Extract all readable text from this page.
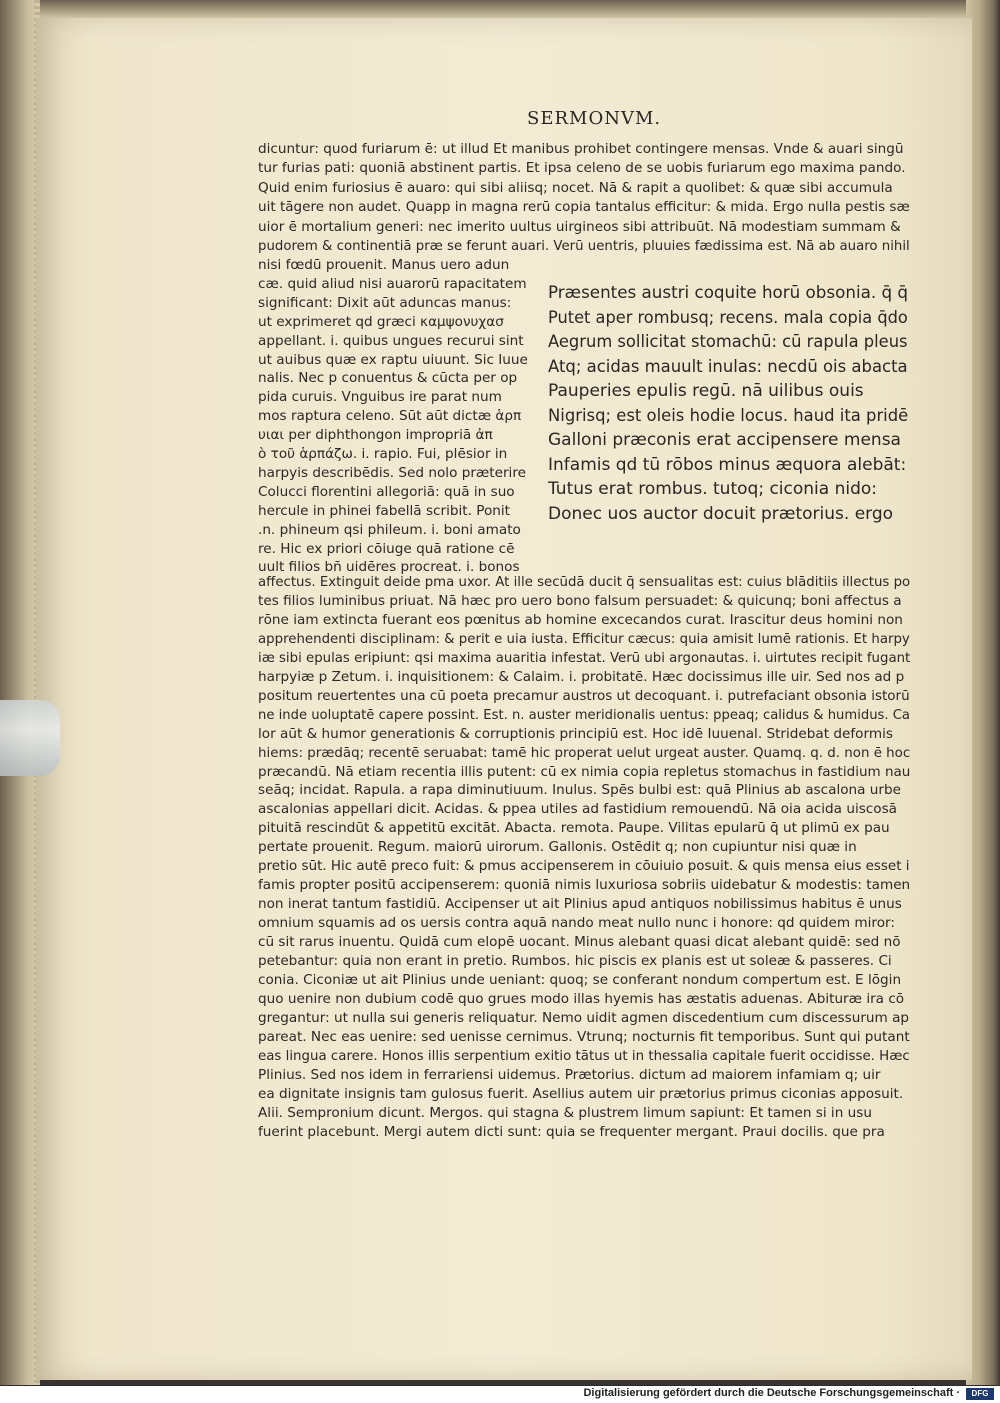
SERMONVM.
dicuntur: quod furiarum ē: ut illud Et manibus prohibet contingere mensas. Vnde & auari singū
tur furias pati: quoniā abstinent partis. Et ipsa celeno de se uobis furiarum ego maxima pando.
Quid enim furiosius ē auaro: qui sibi aliisq; nocet. Nā & rapit a quolibet: & quæ sibi accumula
uit tāgere non audet. Quapp in magna rerū copia tantalus efficitur: & mida. Ergo nulla pestis sæ
uior ē mortalium generi: nec imerito uultus uirgineos sibi attribuūt. Nā modestiam summam &
pudorem & continentiā præ se ferunt auari. Verū uentris, pluuies fædissima est. Nā ab auaro nihil
nisi fœdū prouenit. Manus uero adun
cæ. quid aliud nisi auarorū rapacitatem
significant: Dixit aūt aduncas manus:
ut exprimeret qd græci καμψονυχασ
appellant. i. quibus ungues recurui sint
ut auibus quæ ex raptu uiuunt. Sic Iuue
nalis. Nec p conuentus & cūcta per op
pida curuis. Vnguibus ire parat num
mos raptura celeno. Sūt aūt dictæ ἁρπ
υιαι per diphthongon impropriā ἀπ
ὸ τοῦ ἁρπάζω. i. rapio. Fui, plēsior in
harpyis describēdis. Sed nolo præterire
Colucci florentini allegoriā: quā in suo
hercule in phinei fabellā scribit. Ponit
.n. phineum qsi phileum. i. boni amato
re. Hic ex priori cōiuge quā ratione cē
uult filios bn̄ uidēres procreat. i. bonos
affectus. Extinguit deide pma uxor. At ille secūdā ducit q̄ sensualitas est: cuius blāditiis illectus po
tes filios luminibus priuat. Nā hæc pro uero bono falsum persuadet: & quicunq; boni affectus a
rōne iam extincta fuerant eos pœnitus ab homine excecandos curat. Irascitur deus homini non
apprehendenti disciplinam: & perit e uia iusta. Efficitur cæcus: quia amisit lumē rationis. Et harpy
iæ sibi epulas eripiunt: qsi maxima auaritia infestat. Verū ubi argonautas. i. uirtutes recipit fugant
harpyiæ p Zetum. i. inquisitionem: & Calaim. i. probitatē. Hæc docissimus ille uir. Sed nos ad p
positum reuertentes una cū poeta precamur austros ut decoquant. i. putrefaciant obsonia istorū
ne inde uoluptatē capere possint. Est. n. auster meridionalis uentus: ppeaq; calidus & humidus. Ca
lor aūt & humor generationis & corruptionis principiū est. Hoc idē Iuuenal. Stridebat deformis
hiems: prædāq; recentē seruabat: tamē hic properat uelut urgeat auster. Quamq. q. d. non ē hoc
præcandū. Nā etiam recentia illis putent: cū ex nimia copia repletus stomachus in fastidium nau
seāq; incidat. Rapula. a rapa diminutiuum. Inulus. Spēs bulbi est: quā Plinius ab ascalona urbe
ascalonias appellari dicit. Acidas. & ppea utiles ad fastidium remouendū. Nā oia acida uiscosā
pituitā rescindūt & appetitū excitāt. Abacta. remota. Paupe. Vilitas epularū q̄ ut plimū ex pau
pertate prouenit. Regum. maiorū uirorum. Gallonis. Ostēdit q; non cupiuntur nisi quæ in
pretio sūt. Hic autē preco fuit: & pmus accipenserem in cōuiuio posuit. & quis mensa eius esset i
famis propter positū accipenserem: quoniā nimis luxuriosa sobriis uidebatur & modestis: tamen
non inerat tantum fastidiū. Accipenser ut ait Plinius apud antiquos nobilissimus habitus ē unus
omnium squamis ad os uersis contra aquā nando meat nullo nunc i honore: qd quidem miror:
cū sit rarus inuentu. Quidā cum elopē uocant. Minus alebant quasi dicat alebant quidē: sed nō
petebantur: quia non erant in pretio. Rumbos. hic piscis ex planis est ut soleæ & passeres. Ci
conia. Ciconiæ ut ait Plinius unde ueniant: quoq; se conferant nondum compertum est. E lōgin
quo uenire non dubium codē quo grues modo illas hyemis has æstatis aduenas. Abituræ ira cō
gregantur: ut nulla sui generis reliquatur. Nemo uidit agmen discedentium cum discessurum ap
pareat. Nec eas uenire: sed uenisse cernimus. Vtrunq; nocturnis fit temporibus. Sunt qui putant
eas lingua carere. Honos illis serpentium exitio tātus ut in thessalia capitale fuerit occidisse. Hæc
Plinius. Sed nos idem in ferrariensi uidemus. Prætorius. dictum ad maiorem infamiam q; uir
ea dignitate insignis tam gulosus fuerit. Asellius autem uir prætorius primus ciconias apposuit.
Alii. Sempronium dicunt. Mergos. qui stagna & plustrem limum sapiunt: Et tamen si in usu
fuerint placebunt. Mergi autem dicti sunt: quia se frequenter mergant. Praui docilis. que pra
Præsentes austri coquite horū obsonia. q̄ q̄
Putet aper rombusq; recens. mala copia q̄do
Aegrum sollicitat stomachū: cū rapula pleus
Atq; acidas mauult inulas: necdū ois abacta
Pauperies epulis regū. nā uilibus ouis
Nigrisq; est oleis hodie locus. haud ita pridē
Galloni præconis erat accipensere mensa
Infamis qd tū rōbos minus æquora alebāt:
Tutus erat rombus. tutoq; ciconia nido:
Donec uos auctor docuit prætorius. ergo
Digitalisierung gefördert durch die Deutsche Forschungsgemeinschaft ·	DFG
